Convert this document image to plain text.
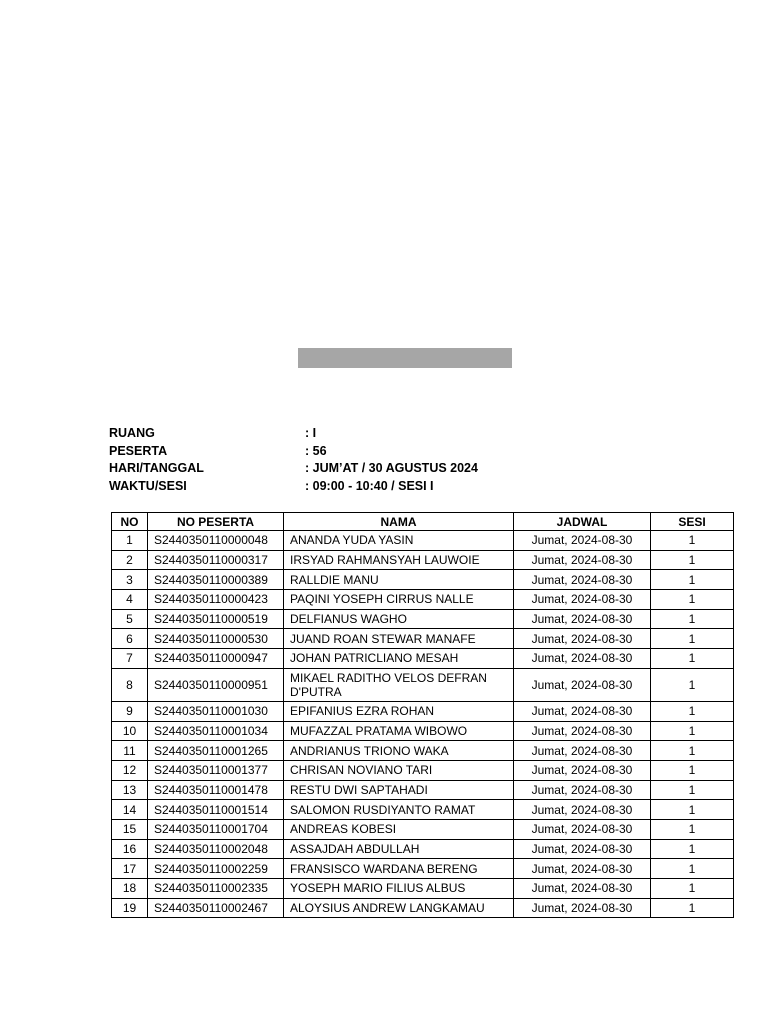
RUANG	: I
PESERTA	: 56
HARI/TANGGAL	: JUM’AT / 30 AGUSTUS 2024
WAKTU/SESI	: 09:00 - 10:40 / SESI I
NO	NO PESERTA	NAMA	JADWAL	SESI
1	S2440350110000048	ANANDA YUDA YASIN	Jumat, 2024-08-30	1
2	S2440350110000317	IRSYAD RAHMANSYAH LAUWOIE	Jumat, 2024-08-30	1
3	S2440350110000389	RALLDIE MANU	Jumat, 2024-08-30	1
4	S2440350110000423	PAQINI YOSEPH CIRRUS NALLE	Jumat, 2024-08-30	1
5	S2440350110000519	DELFIANUS WAGHO	Jumat, 2024-08-30	1
6	S2440350110000530	JUAND ROAN STEWAR MANAFE	Jumat, 2024-08-30	1
7	S2440350110000947	JOHAN PATRICLIANO MESAH	Jumat, 2024-08-30	1
8	S2440350110000951	MIKAEL RADITHO VELOS DEFRAN D'PUTRA	Jumat, 2024-08-30	1
9	S2440350110001030	EPIFANIUS EZRA ROHAN	Jumat, 2024-08-30	1
10	S2440350110001034	MUFAZZAL PRATAMA WIBOWO	Jumat, 2024-08-30	1
11	S2440350110001265	ANDRIANUS TRIONO WAKA	Jumat, 2024-08-30	1
12	S2440350110001377	CHRISAN NOVIANO TARI	Jumat, 2024-08-30	1
13	S2440350110001478	RESTU DWI SAPTAHADI	Jumat, 2024-08-30	1
14	S2440350110001514	SALOMON RUSDIYANTO RAMAT	Jumat, 2024-08-30	1
15	S2440350110001704	ANDREAS KOBESI	Jumat, 2024-08-30	1
16	S2440350110002048	ASSAJDAH ABDULLAH	Jumat, 2024-08-30	1
17	S2440350110002259	FRANSISCO WARDANA BERENG	Jumat, 2024-08-30	1
18	S2440350110002335	YOSEPH MARIO FILIUS ALBUS	Jumat, 2024-08-30	1
19	S2440350110002467	ALOYSIUS ANDREW LANGKAMAU	Jumat, 2024-08-30	1
